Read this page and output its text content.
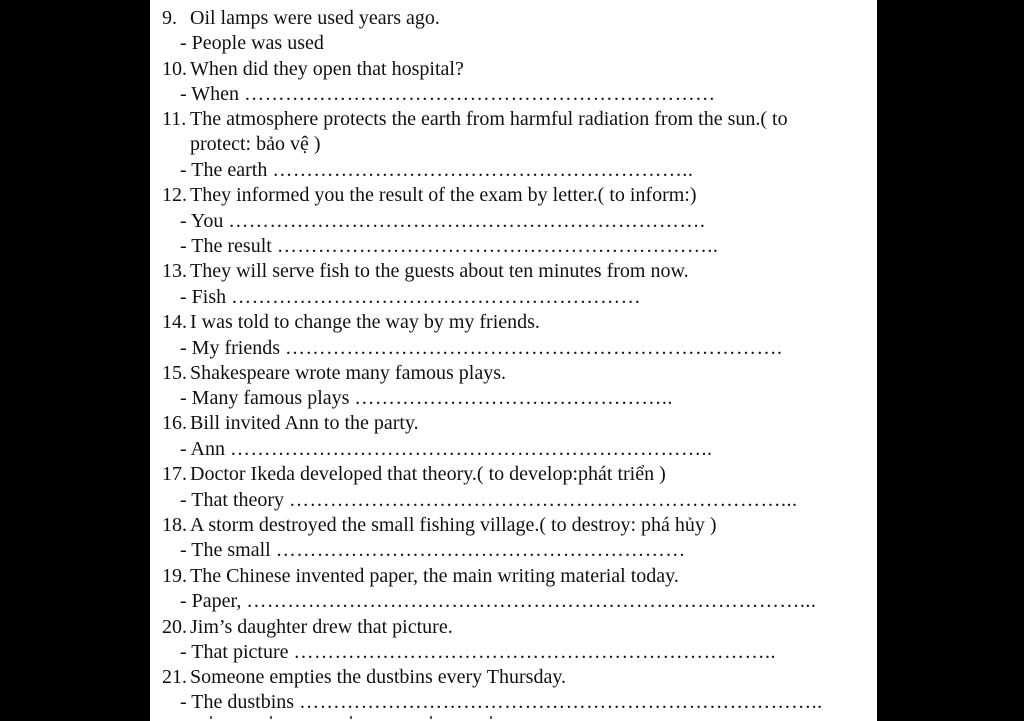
9. Oil lamps were used years ago.
- People was used
10. When did they open that hospital?
- When ……………………………………………………………
11. The atmosphere protects the earth from harmful radiation from the sun.( to
protect: bảo vệ )
- The earth ……………………………………………………..
12. They informed you the result of the exam by letter.( to inform:)
- You …………………………………………………………….
- The result ………………………………………………………..
13. They will serve fish to the guests about ten minutes from now.
- Fish ……………………………………………………
14. I was told to change the way by my friends.
- My friends ……………………………………………………………….
15. Shakespeare wrote many famous plays.
- Many famous plays ………………………………………..
16. Bill invited Ann to the party.
- Ann ……………………………………………………………..
17. Doctor Ikeda developed that theory.( to develop:phát triển )
- That theory ………………………………………………………………...
18. A storm destroyed the small fishing village.( to destroy: phá hủy )
- The small ……………………………………………………
19. The Chinese invented paper, the main writing material today.
- Paper, ………………………………………………………………………...
20. Jim’s daughter drew that picture.
- That picture ……………………………………………………………..
21. Someone empties the dustbins every Thursday.
- The dustbins …………………………………………………………………..
